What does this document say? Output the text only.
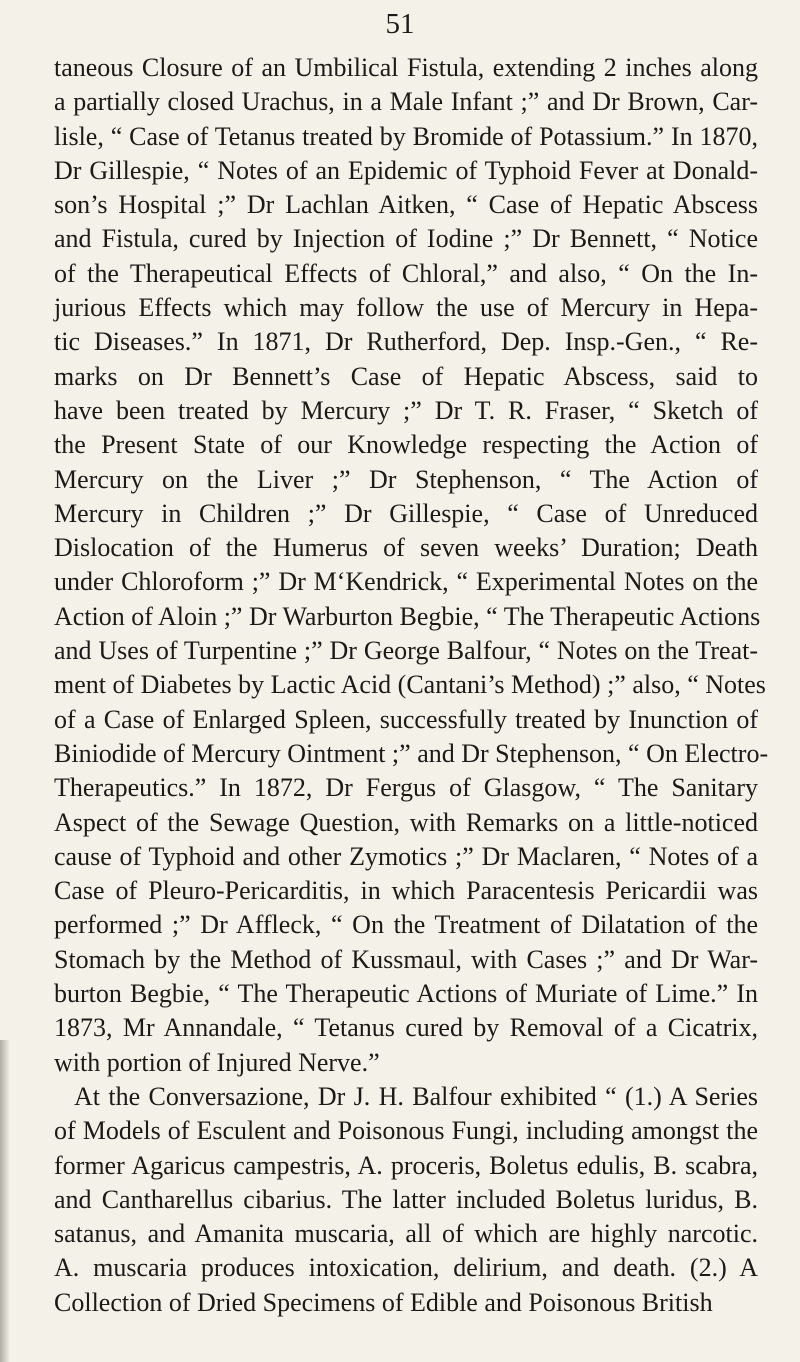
51
taneous Closure of an Umbilical Fistula, extending 2 inches along
a partially closed Urachus, in a Male Infant ;” and Dr Brown, Car-
lisle, “ Case of Tetanus treated by Bromide of Potassium.” In 1870,
Dr Gillespie, “ Notes of an Epidemic of Typhoid Fever at Donald-
son’s Hospital ;” Dr Lachlan Aitken, “ Case of Hepatic Abscess
and Fistula, cured by Injection of Iodine ;” Dr Bennett, “ Notice
of the Therapeutical Effects of Chloral,” and also, “ On the In-
jurious Effects which may follow the use of Mercury in Hepa-
tic Diseases.” In 1871, Dr Rutherford, Dep. Insp.-Gen., “ Re-
marks on Dr Bennett’s Case of Hepatic Abscess, said to
have been treated by Mercury ;” Dr T. R. Fraser, “ Sketch of
the Present State of our Knowledge respecting the Action of
Mercury on the Liver ;” Dr Stephenson, “ The Action of
Mercury in Children ;” Dr Gillespie, “ Case of Unreduced
Dislocation of the Humerus of seven weeks’ Duration; Death
under Chloroform ;” Dr M‘Kendrick, “ Experimental Notes on the
Action of Aloin ;” Dr Warburton Begbie, “ The Therapeutic Actions
and Uses of Turpentine ;” Dr George Balfour, “ Notes on the Treat-
ment of Diabetes by Lactic Acid (Cantani’s Method) ;” also, “ Notes
of a Case of Enlarged Spleen, successfully treated by Inunction of
Biniodide of Mercury Ointment ;” and Dr Stephenson, “ On Electro-
Therapeutics.” In 1872, Dr Fergus of Glasgow, “ The Sanitary
Aspect of the Sewage Question, with Remarks on a little-noticed
cause of Typhoid and other Zymotics ;” Dr Maclaren, “ Notes of a
Case of Pleuro-Pericarditis, in which Paracentesis Pericardii was
performed ;” Dr Affleck, “ On the Treatment of Dilatation of the
Stomach by the Method of Kussmaul, with Cases ;” and Dr War-
burton Begbie, “ The Therapeutic Actions of Muriate of Lime.” In
1873, Mr Annandale, “ Tetanus cured by Removal of a Cicatrix,
with portion of Injured Nerve.”
At the Conversazione, Dr J. H. Balfour exhibited “ (1.) A Series
of Models of Esculent and Poisonous Fungi, including amongst the
former Agaricus campestris, A. proceris, Boletus edulis, B. scabra,
and Cantharellus cibarius. The latter included Boletus luridus, B.
satanus, and Amanita muscaria, all of which are highly narcotic.
A. muscaria produces intoxication, delirium, and death. (2.) A
Collection of Dried Specimens of Edible and Poisonous British
